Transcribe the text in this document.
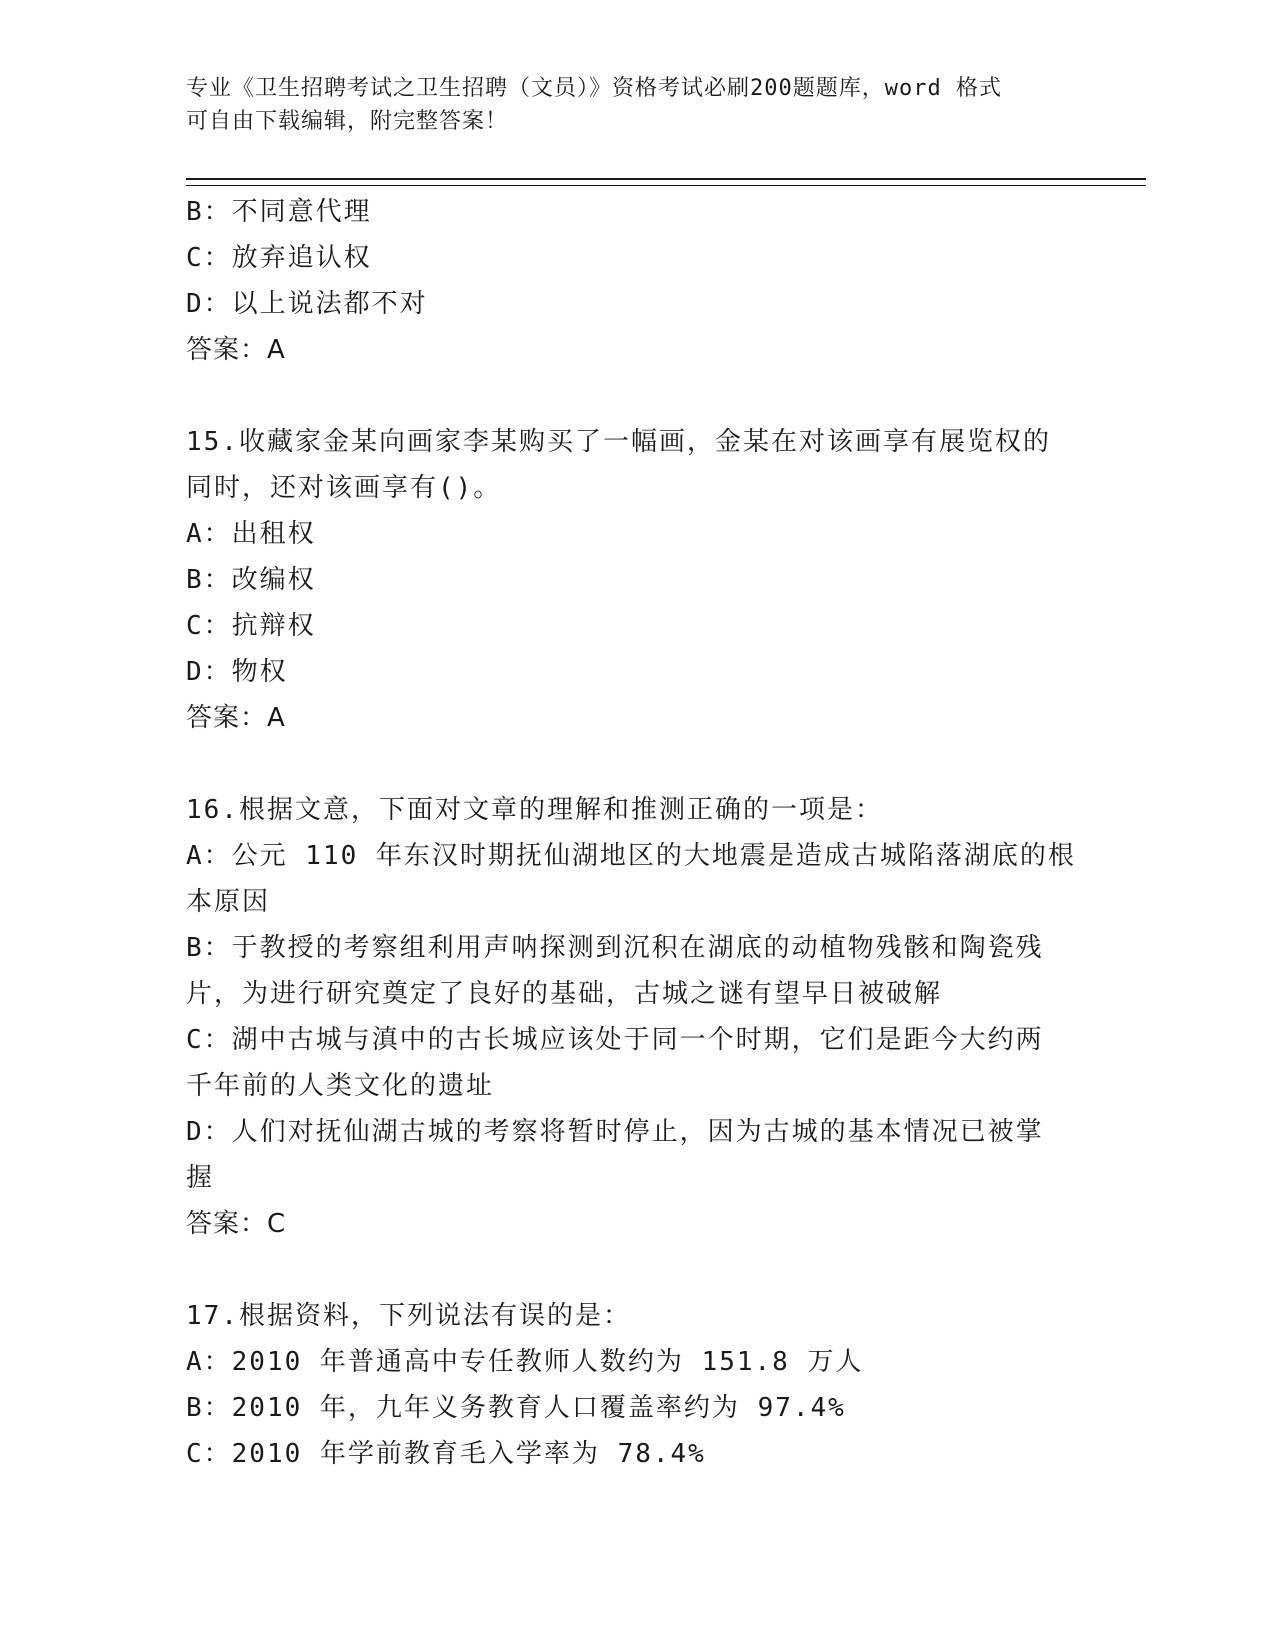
专业《卫生招聘考试之卫生招聘（文员）》资格考试必刷200题题库，word 格式
可自由下载编辑，附完整答案！
B：不同意代理
C：放弃追认权
D：以上说法都不对
答案：A
15.收藏家金某向画家李某购买了一幅画，金某在对该画享有展览权的
同时，还对该画享有()。
A：出租权
B：改编权
C：抗辩权
D：物权
答案：A
16.根据文意，下面对文章的理解和推测正确的一项是：
A：公元 110 年东汉时期抚仙湖地区的大地震是造成古城陷落湖底的根
本原因
B：于教授的考察组利用声呐探测到沉积在湖底的动植物残骸和陶瓷残
片，为进行研究奠定了良好的基础，古城之谜有望早日被破解
C：湖中古城与滇中的古长城应该处于同一个时期，它们是距今大约两
千年前的人类文化的遗址
D：人们对抚仙湖古城的考察将暂时停止，因为古城的基本情况已被掌
握
答案：C
17.根据资料，下列说法有误的是：
A：2010 年普通高中专任教师人数约为 151.8 万人
B：2010 年，九年义务教育人口覆盖率约为 97.4%
C：2010 年学前教育毛入学率为 78.4%
